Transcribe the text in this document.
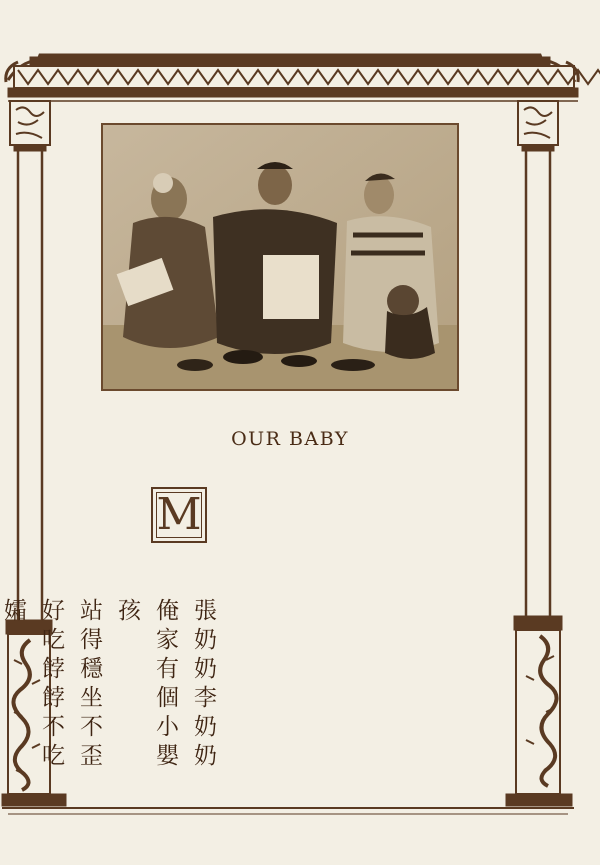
OUR BABY
M
張奶奶李奶奶
俺家有個小嬰孩
站得穩坐不歪
好吃餑餑不吃孀
